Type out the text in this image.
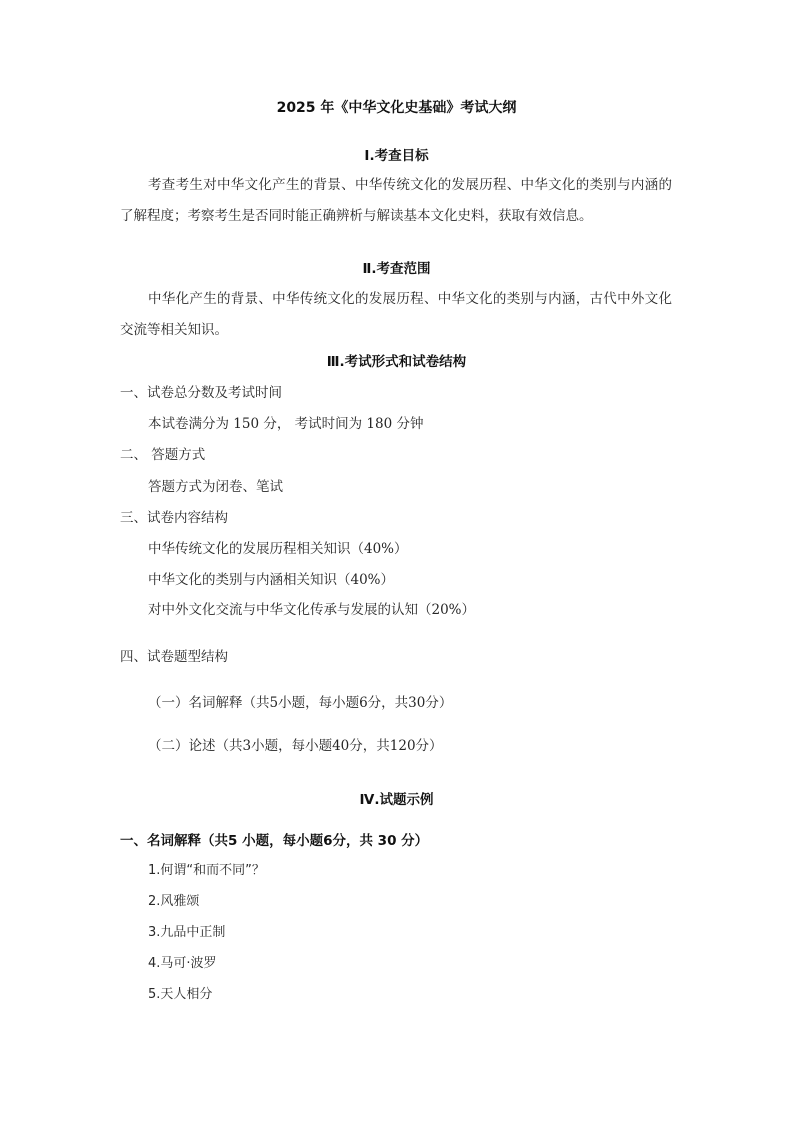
2025 年《中华文化史基础》考试大纲
Ⅰ.考查目标
考查考生对中华文化产生的背景、中华传统文化的发展历程、中华文化的类别与内涵的
了解程度；考察考生是否同时能正确辨析与解读基本文化史料，获取有效信息。
Ⅱ.考查范围
中华化产生的背景、中华传统文化的发展历程、中华文化的类别与内涵，古代中外文化
交流等相关知识。
Ⅲ.考试形式和试卷结构
一、试卷总分数及考试时间
本试卷满分为 150 分， 考试时间为 180 分钟
二、 答题方式
答题方式为闭卷、笔试
三、试卷内容结构
中华传统文化的发展历程相关知识（40%）
中华文化的类别与内涵相关知识（40%）
对中外文化交流与中华文化传承与发展的认知（20%）
四、试卷题型结构
（一）名词解释（共5小题，每小题6分，共30分）
（二）论述（共3小题，每小题40分，共120分）
Ⅳ.试题示例
一、名词解释（共5 小题，每小题6分，共 30 分）
1.何谓“和而不同”？
2.风雅颂
3.九品中正制
4.马可·波罗
5.天人相分
